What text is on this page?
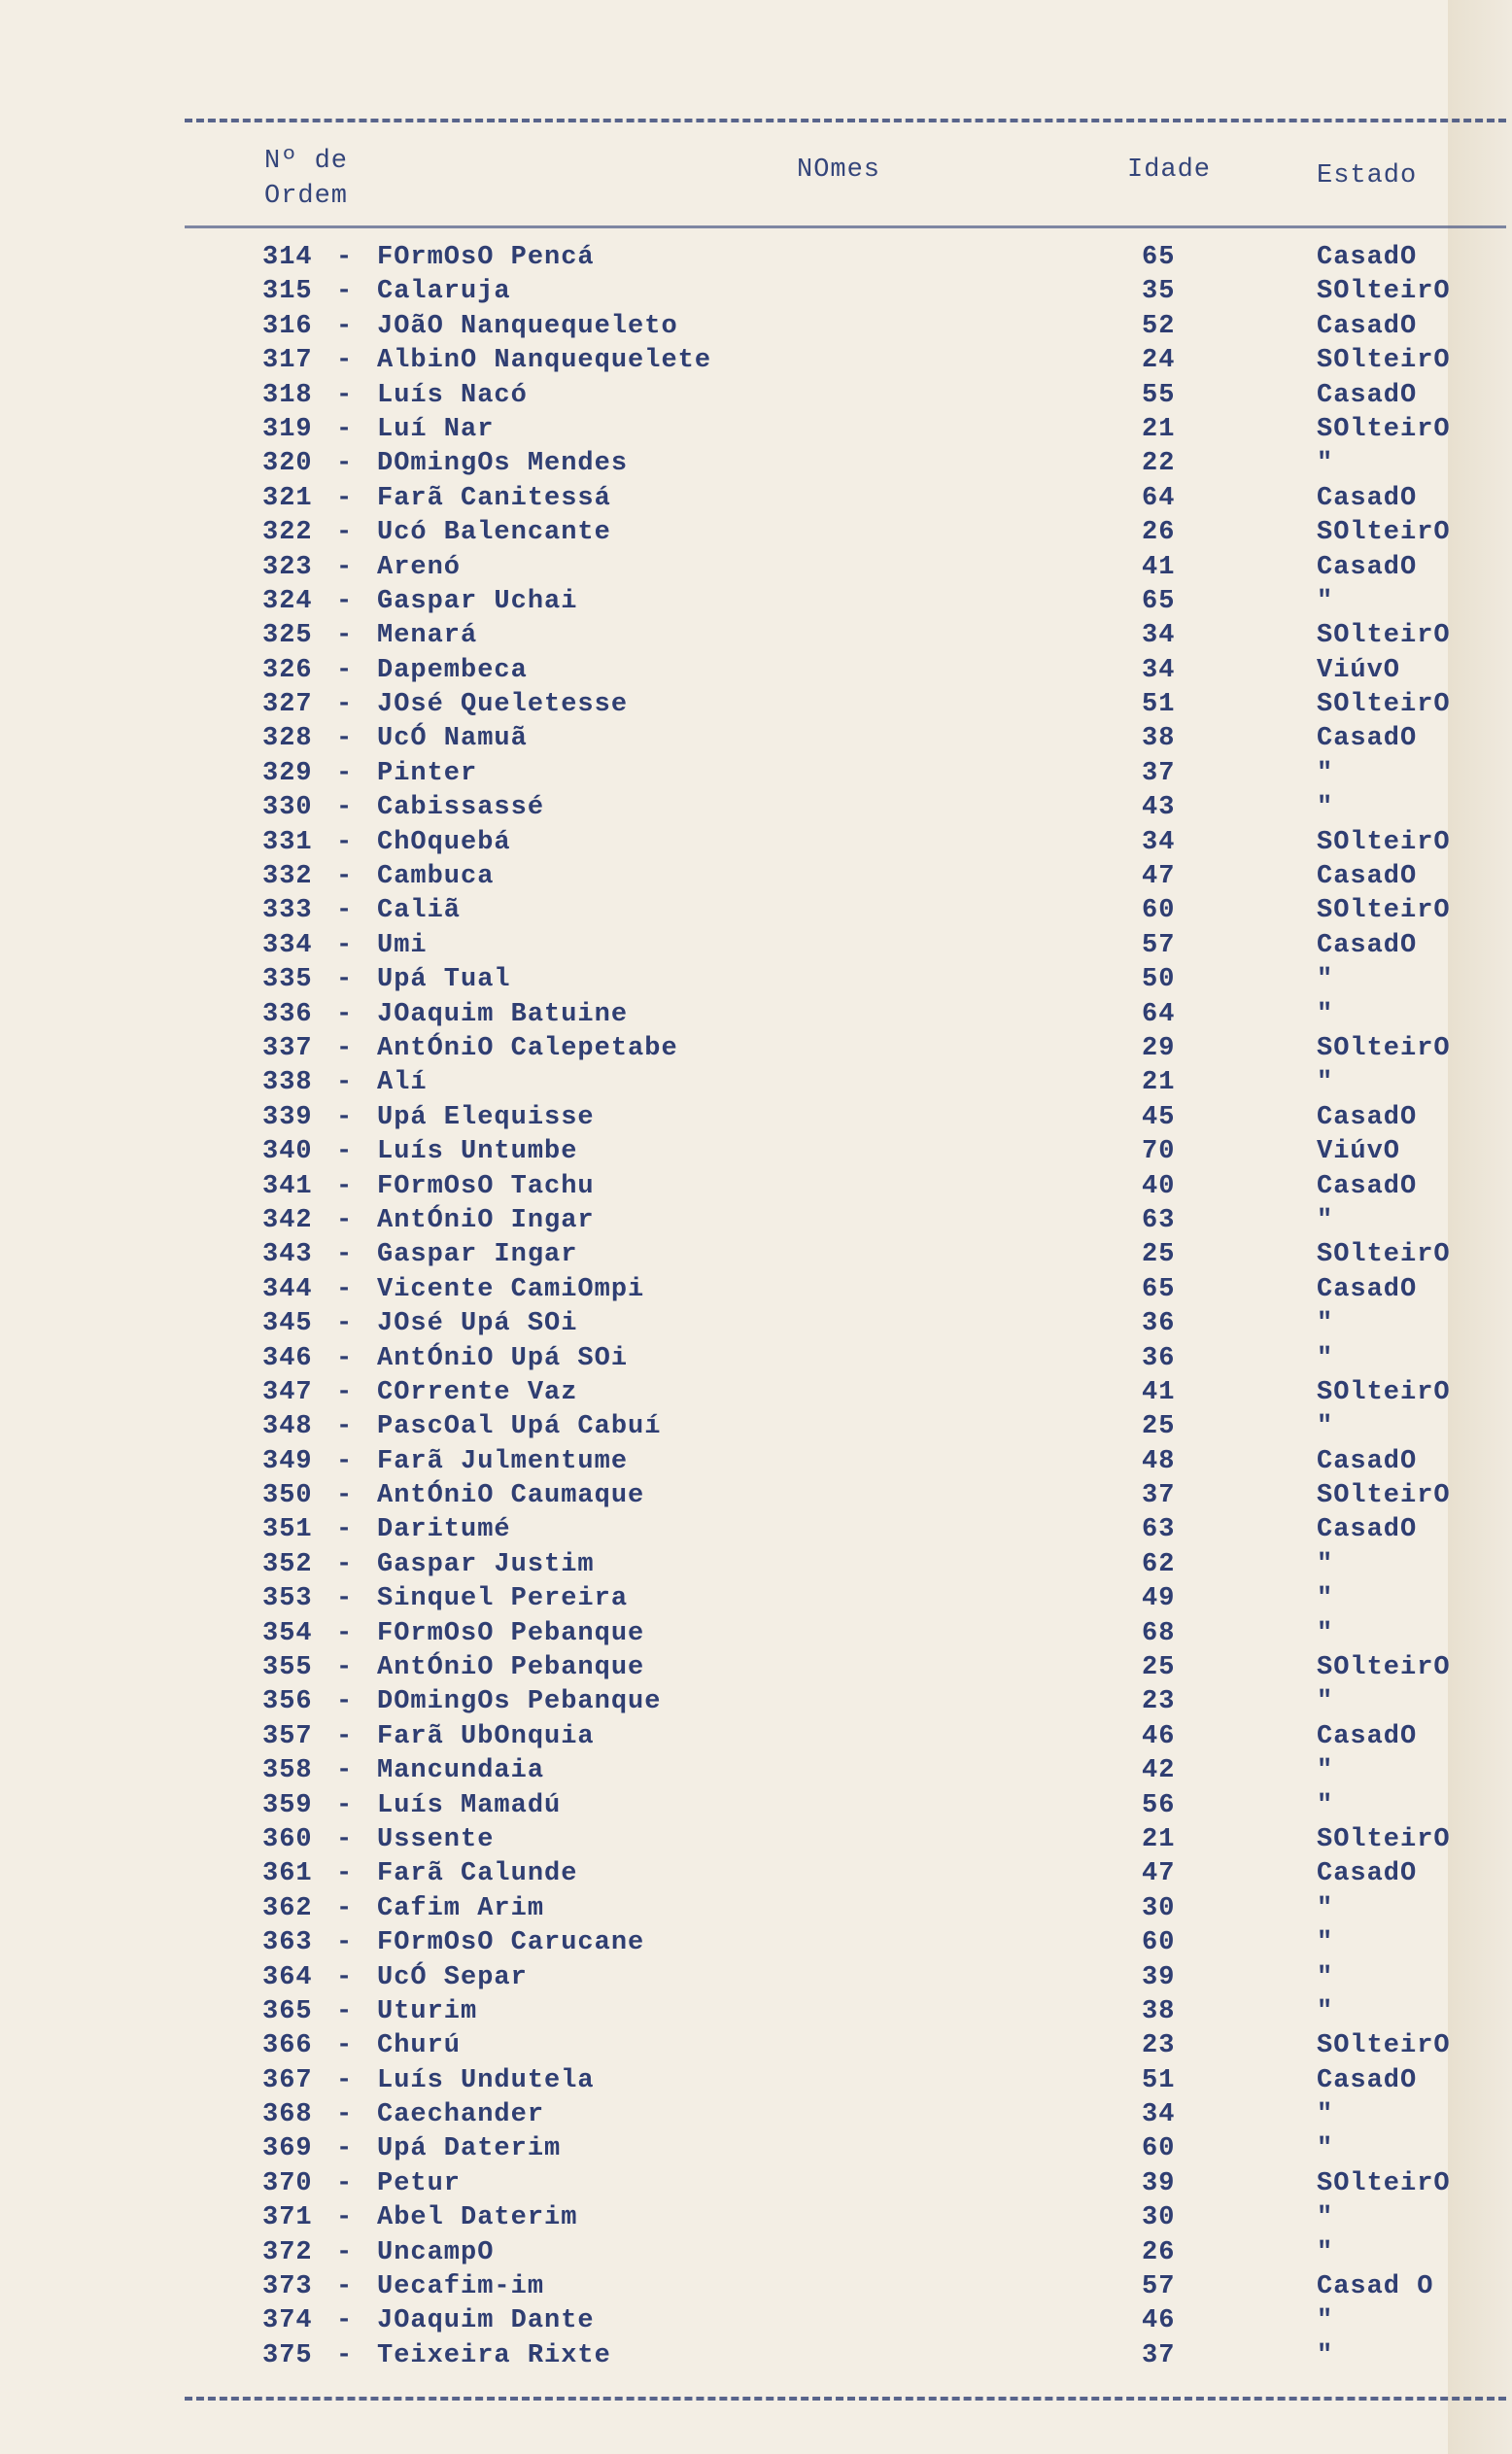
Nº de
Ordem
NOmes	Idade	Estado
314 - FOrmOsO Pencá	65	CasadO
315 - Calaruja	35	SOlteirO
316 - JOãO Nanquequeleto	52	CasadO
317 - AlbinO Nanquequelete	24	SOlteirO
318 - Luís Nacó	55	CasadO
319 - Luí Nar	21	SOlteirO
320 - DOmingOs Mendes	22	"
321 - Farã Canitessá	64	CasadO
322 - Ucó Balencante	26	SOlteirO
323 - Arenó	41	CasadO
324 - Gaspar Uchai	65	"
325 - Menará	34	SOlteirO
326 - Dapembeca	34	ViúvO
327 - JOsé Queletesse	51	SOlteirO
328 - UcÓ Namuã	38	CasadO
329 - Pinter	37	"
330 - Cabissassé	43	"
331 - ChOquebá	34	SOlteirO
332 - Cambuca	47	CasadO
333 - Caliã	60	SOlteirO
334 - Umi	57	CasadO
335 - Upá Tual	50	"
336 - JOaquim Batuine	64	"
337 - AntÓniO Calepetabe	29	SOlteirO
338 - Alí	21	"
339 - Upá Elequisse	45	CasadO
340 - Luís Untumbe	70	ViúvO
341 - FOrmOsO Tachu	40	CasadO
342 - AntÓniO Ingar	63	"
343 - Gaspar Ingar	25	SOlteirO
344 - Vicente CamiOmpi	65	CasadO
345 - JOsé Upá SOi	36	"
346 - AntÓniO Upá SOi	36	"
347 - COrrente Vaz	41	SOlteirO
348 - PascOal Upá Cabuí	25	"
349 - Farã Julmentume	48	CasadO
350 - AntÓniO Caumaque	37	SOlteirO
351 - Daritumé	63	CasadO
352 - Gaspar Justim	62	"
353 - Sinquel Pereira	49	"
354 - FOrmOsO Pebanque	68	"
355 - AntÓniO Pebanque	25	SOlteirO
356 - DOmingOs Pebanque	23	"
357 - Farã UbOnquia	46	CasadO
358 - Mancundaia	42	"
359 - Luís Mamadú	56	"
360 - Ussente	21	SOlteirO
361 - Farã Calunde	47	CasadO
362 - Cafim Arim	30	"
363 - FOrmOsO Carucane	60	"
364 - UcÓ Separ	39	"
365 - Uturim	38	"
366 - Churú	23	SOlteirO
367 - Luís Undutela	51	CasadO
368 - Caechander	34	"
369 - Upá Daterim	60	"
370 - Petur	39	SOlteirO
371 - Abel Daterim	30	"
372 - UncampO	26	"
373 - Uecafim-im	57	Casad O
374 - JOaquim Dante	46	"
375 - Teixeira Rixte	37	"
